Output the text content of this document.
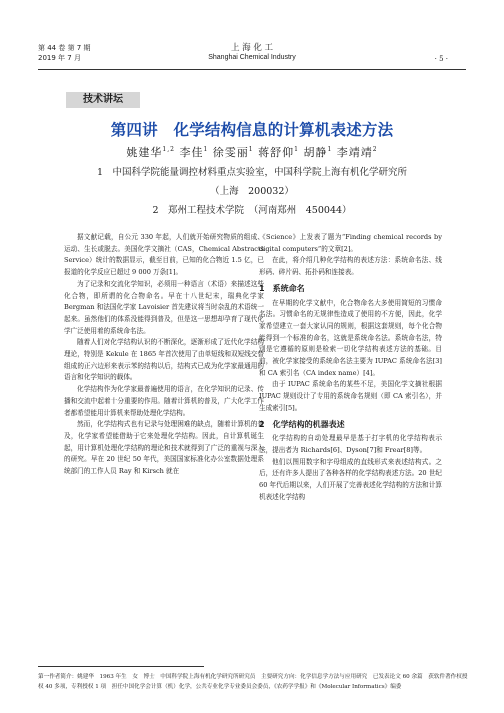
第 44 卷 第 7 期
2019 年 7 月
上 海 化 工
Shanghai Chemical Industry	· 5 ·
技术讲坛
第四讲　化学结构信息的计算机表述方法
姚建华$^{1,2}$ 李佳$^1$ 徐雯丽$^1$ 蒋舒仰$^1$ 胡静$^1$ 李靖靖$^2$
1　中国科学院能量调控材料重点实验室，中国科学院上海有机化学研究所
（上海　200032）
2　郑州工程技术学院　（河南郑州　450044）

据文献记载，自公元 330 年起，人们就开始研究物质的组成、运动、生长或脱去。美国化学文摘社（CAS，Chemical Abstracts Service）统计的数据显示，截至目前，已知的化合物近 1.5 亿，已报道的化学反应已超过 9 000 万条[1]。

为了记录和交流化学知识，必须用一种语言（术语）来描述这些化合物，即所谓的化合物命名。早在十八世纪末，瑞典化学家 Bergman 和法国化学家 Lavoisier 首先建议将当时杂乱的术语统一起来。虽然他们的体系没能得到普及，但是这一思想却孕育了现代化学广泛使用着的系统命名法。

随着人们对化学结构认识的不断深化，逐渐形成了近代化学结构理论，特别是 Kekule 在 1865 年首次使用了由单短线和双短线交替组成的正六边形来表示苯的结构以后，结构式已成为化学家最通用的语言和化学知识的载体。

化学结构作为化学家最普遍使用的语言，在化学知识的记录、传播和交流中起着十分重要的作用。随着计算机的普及，广大化学工作者都希望能用计算机来帮助处理化学结构。

然而，化学结构式也有记录与处理困难的缺点，随着计算机的普及，化学家希望能借助于它来处理化学结构。因此，自计算机诞生起，用计算机处理化学结构的理论和技术就得到了广泛的重视与深入的研究。早在 20 世纪 50 年代，美国国家标准化办公室数据处理系统部门的工作人员 Ray 和 Kirsch 就在

《Science》上发表了题为“Finding chemical records by digital computers”的文章[2]。

在此，将介绍几种化学结构的表述方法：系统命名法、线形码、碎片码、拓扑码和连接表。

1　系统命名

在早期的化学文献中，化合物命名大多使用简短的习惯命名法。习惯命名的无规律性造成了使用的不方便，因此，化学家希望建立一套大家认同的规则，根据这套规则，每个化合物能得到一个标准的命名，这就是系统命名法。系统命名法，特别是它遵循的原则是检索一切化学结构表述方法的基础。目前，被化学家接受的系统命名法主要为 IUPAC 系统命名法[3]和 CA 索引名（CA index name）[4]。

由于 IUPAC 系统命名的某些不足，美国化学文摘社根据 IUPAC 规则设计了专用的系统命名规则（即 CA 索引名），并生成索引[5]。

2　化学结构的机器表述

化学结构的自动处理最早是基于打字机的化学结构表示法，提出者为 Richards[6]、Dyson[7]和 Frear[8]等。

他们以图用数字和字母组成的直线形式来表述结构式。之后，还有许多人提出了各种各样的化学结构表述方法。20 世纪 60 年代后期以来，人们开展了完善表述化学结构的方法和计算机表述化学结构

第一作者简介：姚建华　1963 年生　女　博士　中国科学院上海有机化学研究所研究员　主要研究方向：化学信息学方法与应用研究　已发表论文 60 余篇　获软件著作权授权 40 多项，专利授权 1 项　担任中国化学会计算（机）化学，公共专业化学专业委员会委员，《农药学学报》和《Molecular Informatics》编委
